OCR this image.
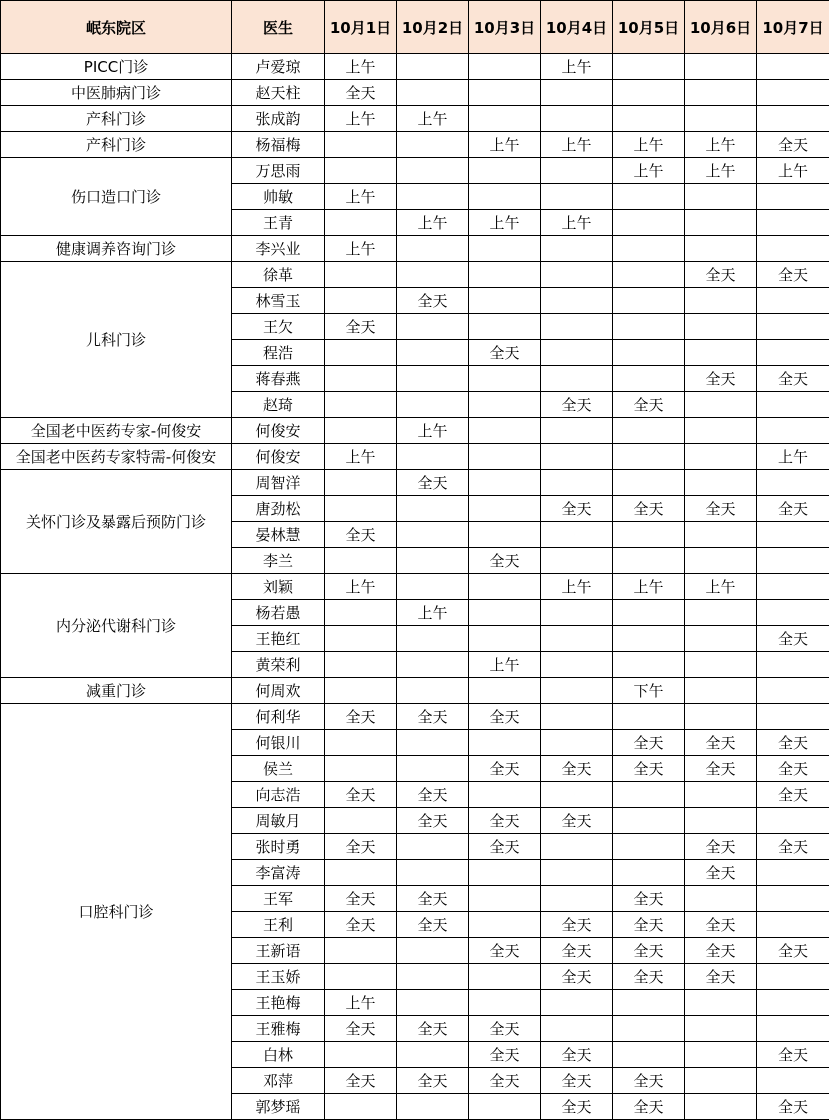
岷东院区	医生	10月1日	10月2日	10月3日	10月4日	10月5日	10月6日	10月7日
PICC门诊	卢爱琼	上午			上午			
中医肺病门诊	赵天柱	全天						
产科门诊	张成韵	上午	上午					
产科门诊	杨福梅			上午	上午	上午	上午	全天
伤口造口门诊	万思雨					上午	上午	上午
	帅敏	上午						
	王青		上午	上午	上午			
健康调养咨询门诊	李兴业	上午						
儿科门诊	徐革						全天	全天
	林雪玉		全天					
	王欠	全天						
	程浩			全天				
	蒋春燕						全天	全天
	赵琦				全天	全天		
全国老中医药专家-何俊安	何俊安		上午					
全国老中医药专家特需-何俊安	何俊安	上午						上午
关怀门诊及暴露后预防门诊	周智洋		全天					
	唐劲松				全天	全天	全天	全天
	晏林慧	全天						
	李兰			全天				
内分泌代谢科门诊	刘颖	上午			上午	上午	上午	
	杨若愚		上午					
	王艳红							全天
	黄荣利			上午				
减重门诊	何周欢					下午		
口腔科门诊	何利华	全天	全天	全天				
	何银川					全天	全天	全天
	侯兰			全天	全天	全天	全天	全天
	向志浩	全天	全天					全天
	周敏月		全天	全天	全天			
	张时勇	全天		全天			全天	全天
	李富涛						全天	
	王军	全天	全天			全天		
	王利	全天	全天		全天	全天	全天	
	王新语			全天	全天	全天	全天	全天
	王玉娇				全天	全天	全天	
	王艳梅	上午						
	王雅梅	全天	全天	全天				
	白林			全天	全天			全天
	邓萍	全天	全天	全天	全天	全天		
	郭梦瑶				全天	全天		全天
